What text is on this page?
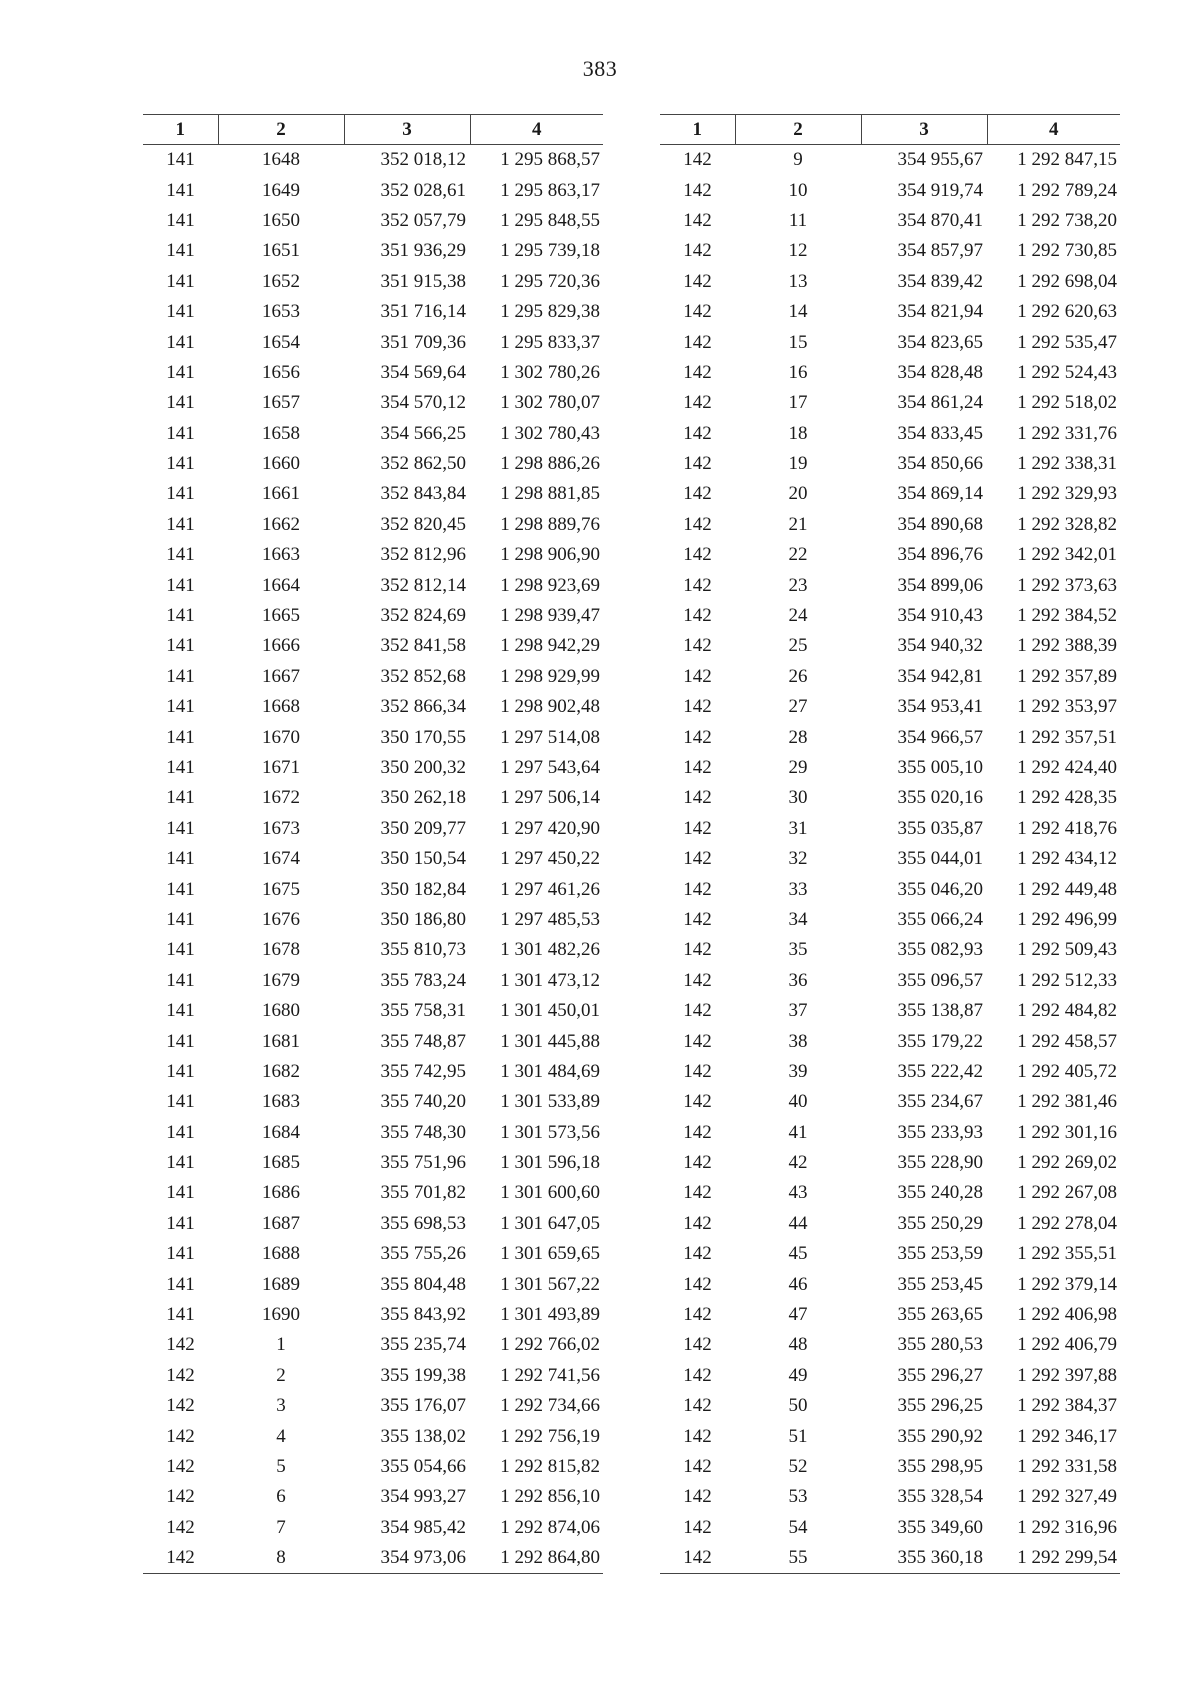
383
1	2	3	4
141	1648	352 018,12	1 295 868,57
141	1649	352 028,61	1 295 863,17
141	1650	352 057,79	1 295 848,55
141	1651	351 936,29	1 295 739,18
141	1652	351 915,38	1 295 720,36
141	1653	351 716,14	1 295 829,38
141	1654	351 709,36	1 295 833,37
141	1656	354 569,64	1 302 780,26
141	1657	354 570,12	1 302 780,07
141	1658	354 566,25	1 302 780,43
141	1660	352 862,50	1 298 886,26
141	1661	352 843,84	1 298 881,85
141	1662	352 820,45	1 298 889,76
141	1663	352 812,96	1 298 906,90
141	1664	352 812,14	1 298 923,69
141	1665	352 824,69	1 298 939,47
141	1666	352 841,58	1 298 942,29
141	1667	352 852,68	1 298 929,99
141	1668	352 866,34	1 298 902,48
141	1670	350 170,55	1 297 514,08
141	1671	350 200,32	1 297 543,64
141	1672	350 262,18	1 297 506,14
141	1673	350 209,77	1 297 420,90
141	1674	350 150,54	1 297 450,22
141	1675	350 182,84	1 297 461,26
141	1676	350 186,80	1 297 485,53
141	1678	355 810,73	1 301 482,26
141	1679	355 783,24	1 301 473,12
141	1680	355 758,31	1 301 450,01
141	1681	355 748,87	1 301 445,88
141	1682	355 742,95	1 301 484,69
141	1683	355 740,20	1 301 533,89
141	1684	355 748,30	1 301 573,56
141	1685	355 751,96	1 301 596,18
141	1686	355 701,82	1 301 600,60
141	1687	355 698,53	1 301 647,05
141	1688	355 755,26	1 301 659,65
141	1689	355 804,48	1 301 567,22
141	1690	355 843,92	1 301 493,89
142	1	355 235,74	1 292 766,02
142	2	355 199,38	1 292 741,56
142	3	355 176,07	1 292 734,66
142	4	355 138,02	1 292 756,19
142	5	355 054,66	1 292 815,82
142	6	354 993,27	1 292 856,10
142	7	354 985,42	1 292 874,06
142	8	354 973,06	1 292 864,80
1	2	3	4
142	9	354 955,67	1 292 847,15
142	10	354 919,74	1 292 789,24
142	11	354 870,41	1 292 738,20
142	12	354 857,97	1 292 730,85
142	13	354 839,42	1 292 698,04
142	14	354 821,94	1 292 620,63
142	15	354 823,65	1 292 535,47
142	16	354 828,48	1 292 524,43
142	17	354 861,24	1 292 518,02
142	18	354 833,45	1 292 331,76
142	19	354 850,66	1 292 338,31
142	20	354 869,14	1 292 329,93
142	21	354 890,68	1 292 328,82
142	22	354 896,76	1 292 342,01
142	23	354 899,06	1 292 373,63
142	24	354 910,43	1 292 384,52
142	25	354 940,32	1 292 388,39
142	26	354 942,81	1 292 357,89
142	27	354 953,41	1 292 353,97
142	28	354 966,57	1 292 357,51
142	29	355 005,10	1 292 424,40
142	30	355 020,16	1 292 428,35
142	31	355 035,87	1 292 418,76
142	32	355 044,01	1 292 434,12
142	33	355 046,20	1 292 449,48
142	34	355 066,24	1 292 496,99
142	35	355 082,93	1 292 509,43
142	36	355 096,57	1 292 512,33
142	37	355 138,87	1 292 484,82
142	38	355 179,22	1 292 458,57
142	39	355 222,42	1 292 405,72
142	40	355 234,67	1 292 381,46
142	41	355 233,93	1 292 301,16
142	42	355 228,90	1 292 269,02
142	43	355 240,28	1 292 267,08
142	44	355 250,29	1 292 278,04
142	45	355 253,59	1 292 355,51
142	46	355 253,45	1 292 379,14
142	47	355 263,65	1 292 406,98
142	48	355 280,53	1 292 406,79
142	49	355 296,27	1 292 397,88
142	50	355 296,25	1 292 384,37
142	51	355 290,92	1 292 346,17
142	52	355 298,95	1 292 331,58
142	53	355 328,54	1 292 327,49
142	54	355 349,60	1 292 316,96
142	55	355 360,18	1 292 299,54
